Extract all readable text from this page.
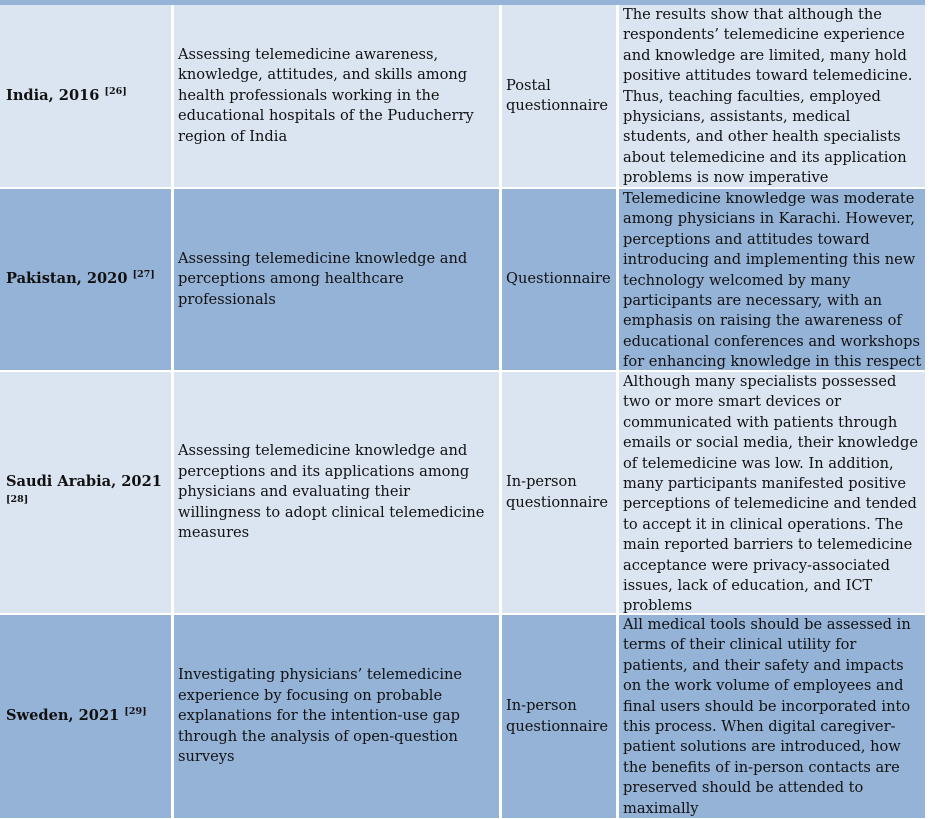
India, 2016 [26]
Assessing telemedicine awareness, knowledge, attitudes, and skills among health professionals working in the educational hospitals of the Puducherry region of India
Postal questionnaire
The results show that although the respondents’ telemedicine experience and knowledge are limited, many hold positive attitudes toward telemedicine. Thus, teaching faculties, employed physicians, assistants, medical students, and other health specialists about telemedicine and its application problems is now imperative
Pakistan, 2020 [27]
Assessing telemedicine knowledge and perceptions among healthcare professionals
Questionnaire
Telemedicine knowledge was moderate among physicians in Karachi. However, perceptions and attitudes toward introducing and implementing this new technology welcomed by many participants are necessary, with an emphasis on raising the awareness of educational conferences and workshops for enhancing knowledge in this respect
Saudi Arabia, 2021
[28]
Assessing telemedicine knowledge and perceptions and its applications among physicians and evaluating their willingness to adopt clinical telemedicine measures
In-person questionnaire
Although many specialists possessed two or more smart devices or communicated with patients through emails or social media, their knowledge of telemedicine was low. In addition, many participants manifested positive perceptions of telemedicine and tended to accept it in clinical operations. The main reported barriers to telemedicine acceptance were privacy-associated issues, lack of education, and ICT problems
Sweden, 2021 [29]
Investigating physicians’ telemedicine experience by focusing on probable explanations for the intention-use gap through the analysis of open-question surveys
In-person questionnaire
All medical tools should be assessed in terms of their clinical utility for patients, and their safety and impacts on the work volume of employees and final users should be incorporated into this process. When digital caregiver-patient solutions are introduced, how the benefits of in-person contacts are preserved should be attended to maximally
